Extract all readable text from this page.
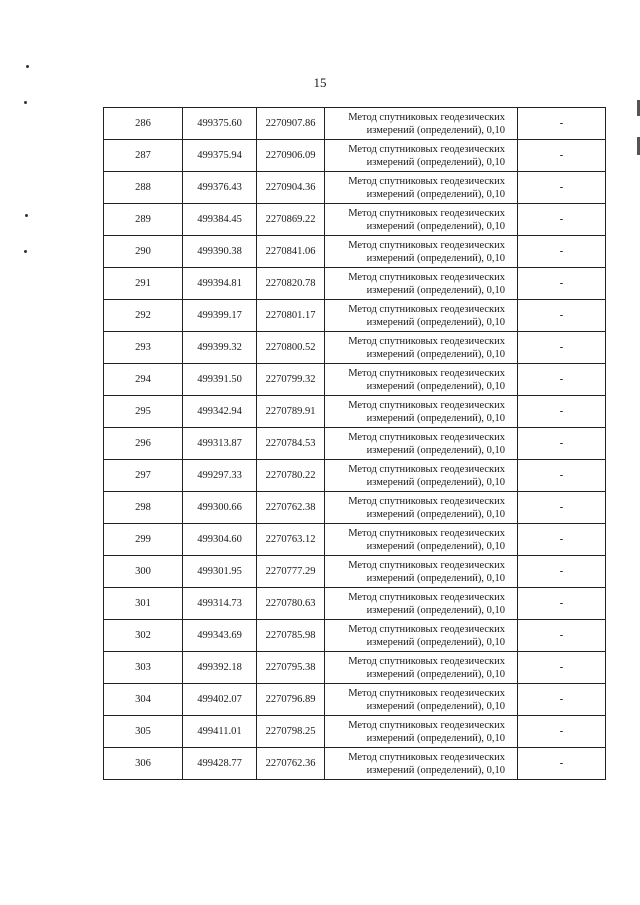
15
286	499375.60	2270907.86	Метод спутниковых геодезических
измерений (определений), 0,10	-
287	499375.94	2270906.09	Метод спутниковых геодезических
измерений (определений), 0,10	-
288	499376.43	2270904.36	Метод спутниковых геодезических
измерений (определений), 0,10	-
289	499384.45	2270869.22	Метод спутниковых геодезических
измерений (определений), 0,10	-
290	499390.38	2270841.06	Метод спутниковых геодезических
измерений (определений), 0,10	-
291	499394.81	2270820.78	Метод спутниковых геодезических
измерений (определений), 0,10	-
292	499399.17	2270801.17	Метод спутниковых геодезических
измерений (определений), 0,10	-
293	499399.32	2270800.52	Метод спутниковых геодезических
измерений (определений), 0,10	-
294	499391.50	2270799.32	Метод спутниковых геодезических
измерений (определений), 0,10	-
295	499342.94	2270789.91	Метод спутниковых геодезических
измерений (определений), 0,10	-
296	499313.87	2270784.53	Метод спутниковых геодезических
измерений (определений), 0,10	-
297	499297.33	2270780.22	Метод спутниковых геодезических
измерений (определений), 0,10	-
298	499300.66	2270762.38	Метод спутниковых геодезических
измерений (определений), 0,10	-
299	499304.60	2270763.12	Метод спутниковых геодезических
измерений (определений), 0,10	-
300	499301.95	2270777.29	Метод спутниковых геодезических
измерений (определений), 0,10	-
301	499314.73	2270780.63	Метод спутниковых геодезических
измерений (определений), 0,10	-
302	499343.69	2270785.98	Метод спутниковых геодезических
измерений (определений), 0,10	-
303	499392.18	2270795.38	Метод спутниковых геодезических
измерений (определений), 0,10	-
304	499402.07	2270796.89	Метод спутниковых геодезических
измерений (определений), 0,10	-
305	499411.01	2270798.25	Метод спутниковых геодезических
измерений (определений), 0,10	-
306	499428.77	2270762.36	Метод спутниковых геодезических
измерений (определений), 0,10	-
